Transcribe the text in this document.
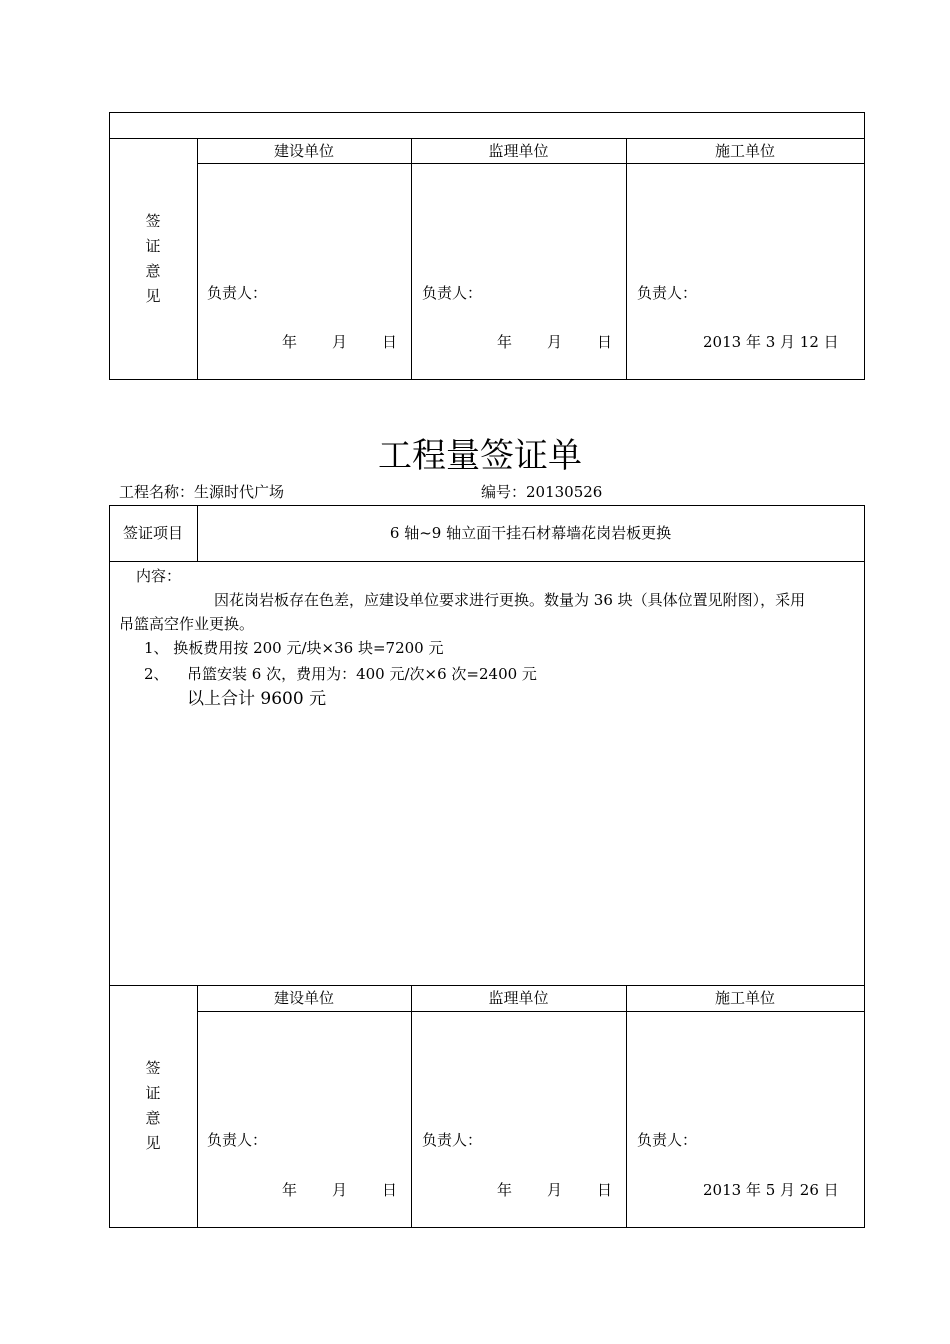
建设单位	监理单位	施工单位
签
证
意
见	负责人：	负责人：	负责人：
年 月 日	年 月 日	2013 年 3 月 12 日
工程量签证单
工程名称：生源时代广场	编号：20130526
签证项目	6 轴~9 轴立面干挂石材幕墙花岗岩板更换
内容：
因花岗岩板存在色差，应建设单位要求进行更换。数量为 36 块（具体位置见附图），采用
吊篮高空作业更换。
1、 换板费用按 200 元/块×36 块=7200 元
2、 吊篮安装 6 次，费用为：400 元/次×6 次=2400 元
以上合计 9600 元
建设单位	监理单位	施工单位
签
证
意
见	负责人：	负责人：	负责人：
年 月 日	年 月 日	2013 年 5 月 26 日
